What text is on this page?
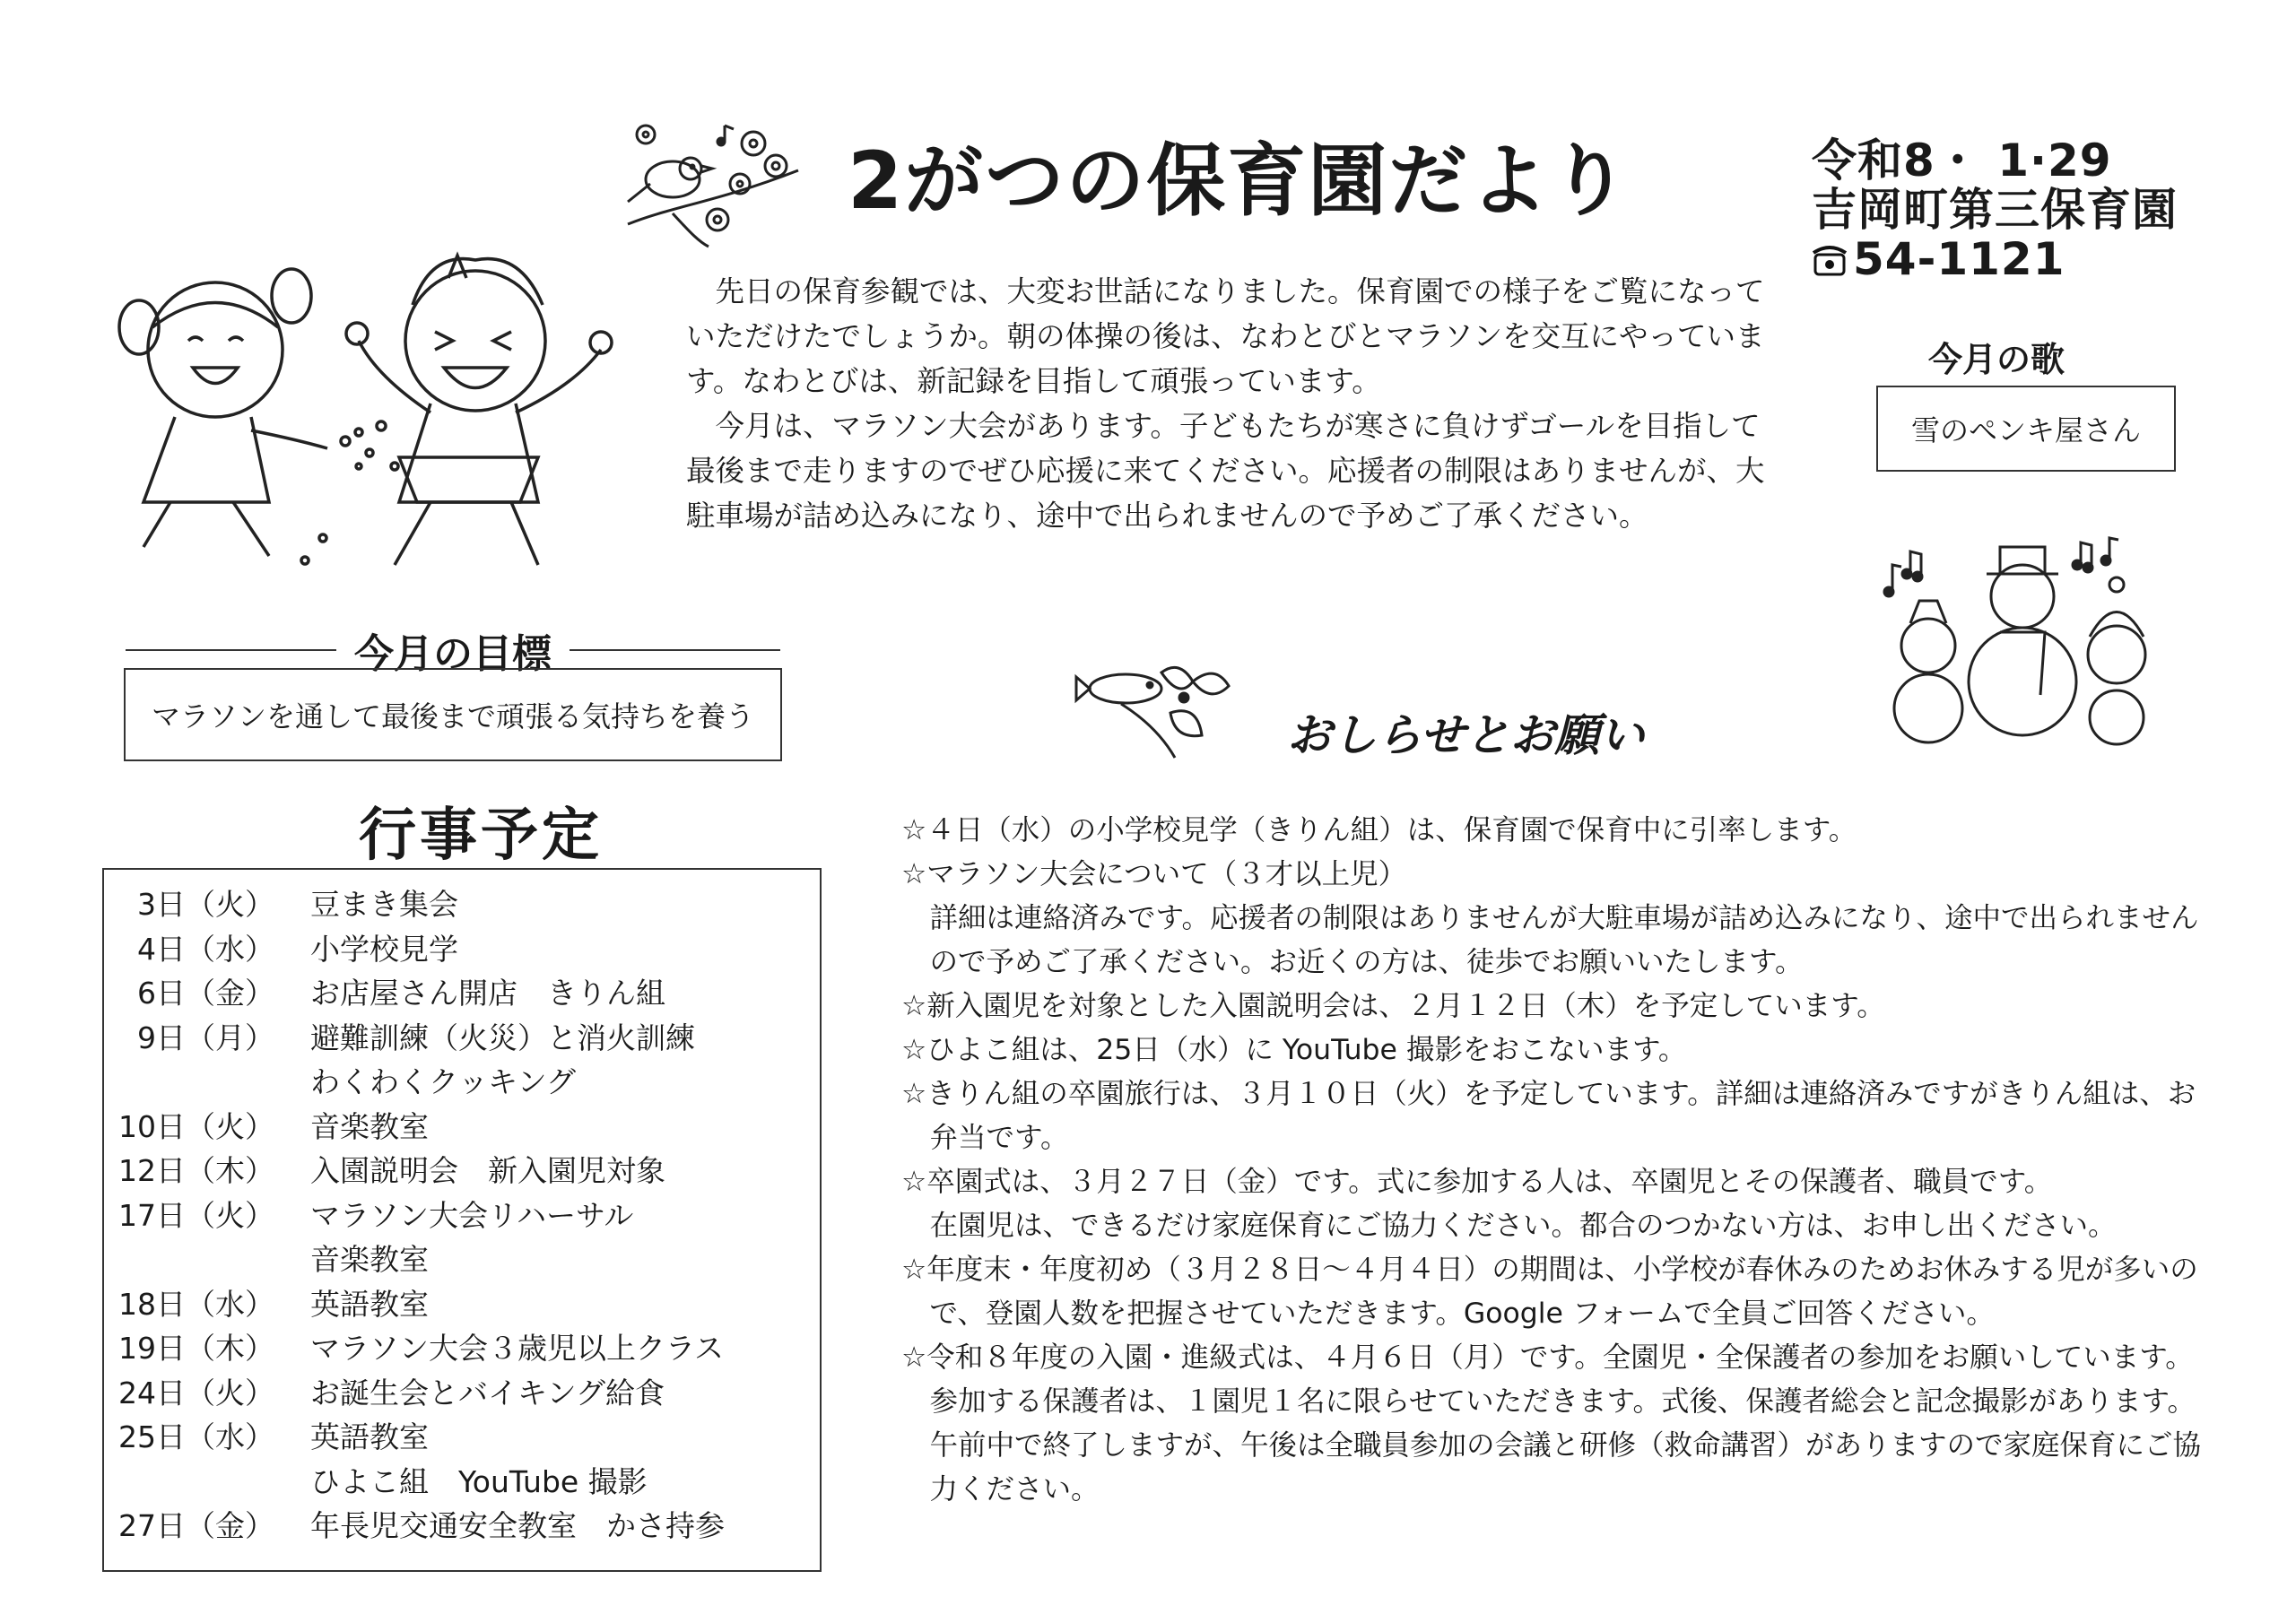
2がつの保育園だより	令和8・ 1·29
吉岡町第三保育園
54-1121

先日の保育参観では、大変お世話になりました。保育園での様子をご覧になっていただけたでしょうか。朝の体操の後は、なわとびとマラソンを交互にやっています。なわとびは、新記録を目指して頑張っています。

今月は、マラソン大会があります。子どもたちが寒さに負けずゴールを目指して最後まで走りますのでぜひ応援に来てください。応援者の制限はありませんが、大駐車場が詰め込みになり、途中で出られませんので予めご了承ください。

今月の歌
雪のペンキ屋さん
今月の目標
マラソンを通して最後まで頑張る気持ちを養う
行事予定
3日（火）	豆まき集会
4日（水）	小学校見学
6日（金）	お店屋さん開店　きりん組
9日（月）	避難訓練（火災）と消火訓練
わくわくクッキング
10日（火）	音楽教室
12日（木）	入園説明会　新入園児対象
17日（火）	マラソン大会リハーサル
音楽教室
18日（水）	英語教室
19日（木）	マラソン大会３歳児以上クラス
24日（火）	お誕生会とバイキング給食
25日（水）	英語教室
ひよこ組　YouTube 撮影
27日（金）	年長児交通安全教室　かさ持参
おしらせとお願い

☆４日（水）の小学校見学（きりん組）は、保育園で保育中に引率します。

☆マラソン大会について（３才以上児）

詳細は連絡済みです。応援者の制限はありませんが大駐車場が詰め込みになり、途中で出られませんので予めご了承ください。お近くの方は、徒歩でお願いいたします。

☆新入園児を対象とした入園説明会は、２月１２日（木）を予定しています。

☆ひよこ組は、25日（水）に YouTube 撮影をおこないます。

☆きりん組の卒園旅行は、３月１０日（火）を予定しています。詳細は連絡済みですがきりん組は、お弁当です。

☆卒園式は、３月２７日（金）です。式に参加する人は、卒園児とその保護者、職員です。

在園児は、できるだけ家庭保育にご協力ください。都合のつかない方は、お申し出ください。

☆年度末・年度初め（３月２８日～４月４日）の期間は、小学校が春休みのためお休みする児が多いので、登園人数を把握させていただきます。Google フォームで全員ご回答ください。

☆令和８年度の入園・進級式は、４月６日（月）です。全園児・全保護者の参加をお願いしています。参加する保護者は、１園児１名に限らせていただきます。式後、保護者総会と記念撮影があります。午前中で終了しますが、午後は全職員参加の会議と研修（救命講習）がありますので家庭保育にご協力ください。
